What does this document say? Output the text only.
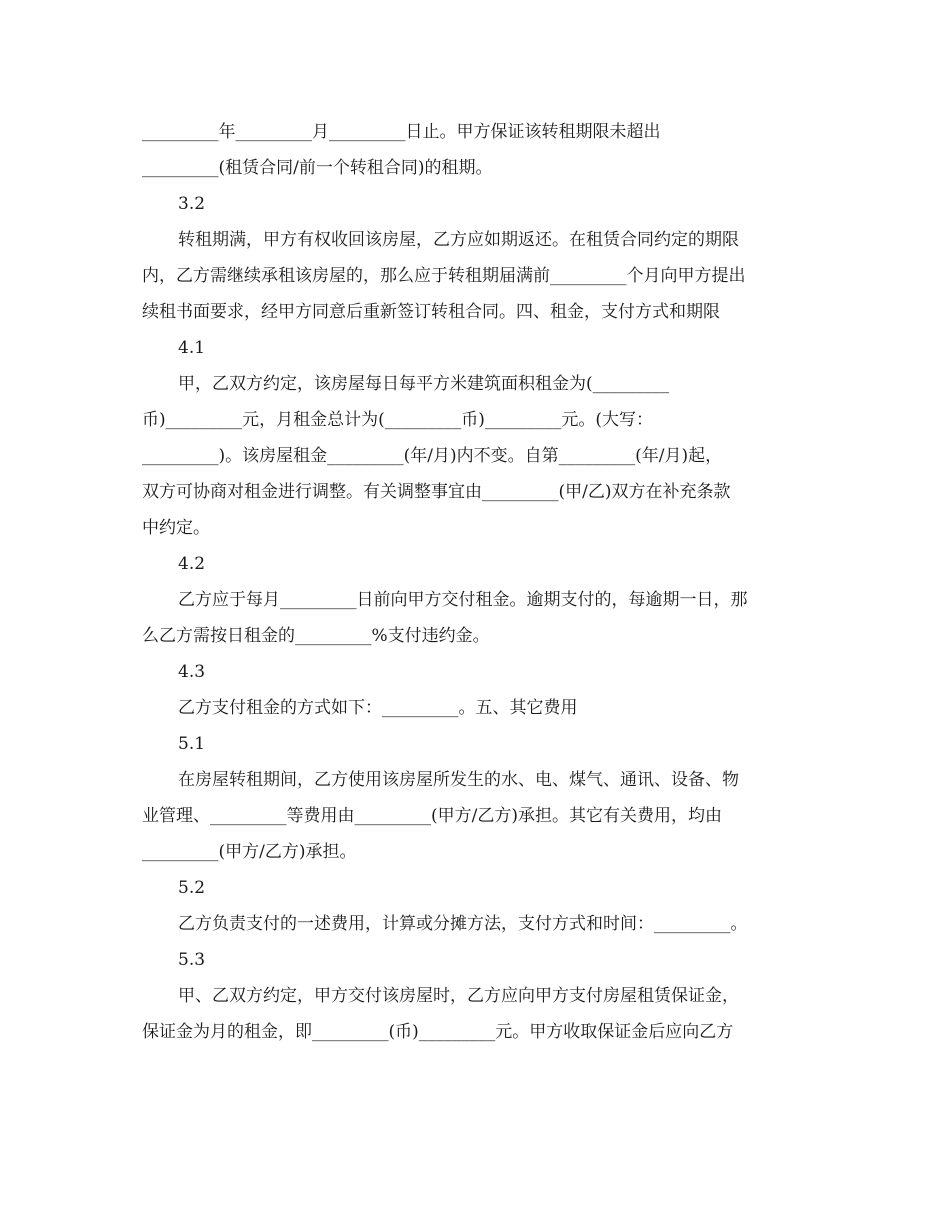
_________年_________月_________日止。甲方保证该转租期限未超出

_________(租赁合同/前一个转租合同)的租期。

3.2

转租期满，甲方有权收回该房屋，乙方应如期返还。在租赁合同约定的期限

内，乙方需继续承租该房屋的，那么应于转租期届满前_________个月向甲方提出

续租书面要求，经甲方同意后重新签订转租合同。四、租金，支付方式和期限

4.1

甲，乙双方约定，该房屋每日每平方米建筑面积租金为(_________

币)_________元，月租金总计为(_________币)_________元。(大写：

_________)。该房屋租金_________(年/月)内不变。自第_________(年/月)起，

双方可协商对租金进行调整。有关调整事宜由_________(甲/乙)双方在补充条款

中约定。

4.2

乙方应于每月_________日前向甲方交付租金。逾期支付的，每逾期一日，那

么乙方需按日租金的_________%支付违约金。

4.3

乙方支付租金的方式如下：_________。五、其它费用

5.1

在房屋转租期间，乙方使用该房屋所发生的水、电、煤气、通讯、设备、物

业管理、_________等费用由_________(甲方/乙方)承担。其它有关费用，均由

_________(甲方/乙方)承担。

5.2

乙方负责支付的一述费用，计算或分摊方法，支付方式和时间：_________。

5.3

甲、乙双方约定，甲方交付该房屋时，乙方应向甲方支付房屋租赁保证金，

保证金为月的租金，即_________(币)_________元。甲方收取保证金后应向乙方
